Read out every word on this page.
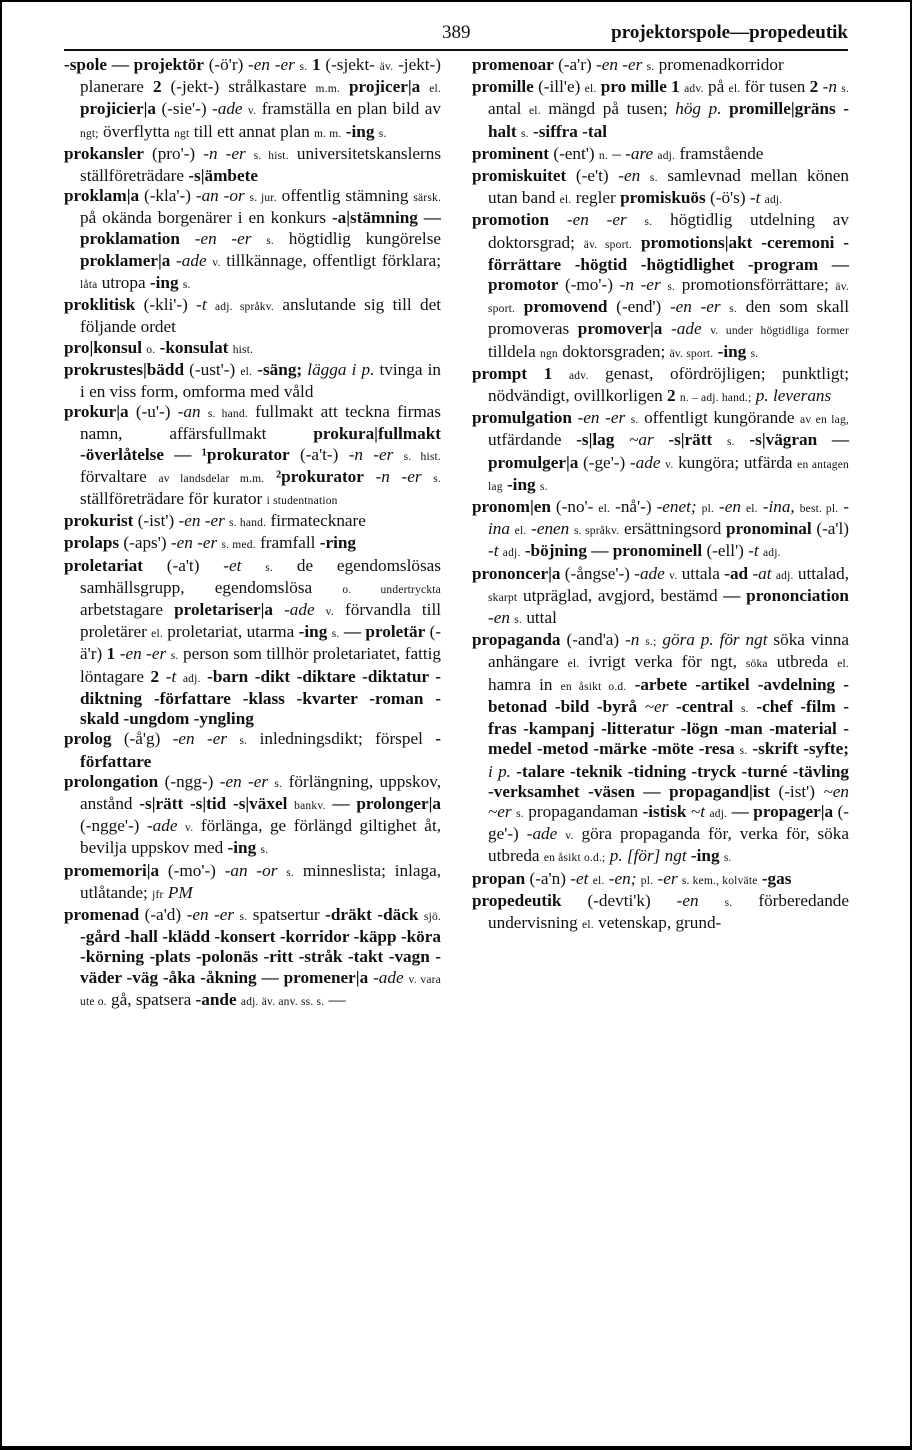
389	projektorspole—propedeutik

-spole — projektör (-ö'r) -en -er s. 1 (-sjekt- äv. -jekt-) planerare 2 (-jekt-) strålkastare m.m. projicer|a el. projicier|a (-sie'-) -ade v. framställa en plan bild av ngt; överflytta ngt till ett annat plan m. m. -ing s.

prokansler (pro'-) -n -er s. hist. universitetskanslerns ställföreträdare -s|ämbete

proklam|a (-kla'-) -an -or s. jur. offentlig stämning särsk. på okända borgenärer i en konkurs -a|stämning — proklamation -en -er s. högtidlig kungörelse proklamer|a -ade v. tillkännage, offentligt förklara; låta utropa -ing s.

proklitisk (-kli'-) -t adj. språkv. anslutande sig till det följande ordet

pro|konsul o. -konsulat hist.

prokrustes|bädd (-ust'-) el. -säng; lägga i p. tvinga in i en viss form, omforma med våld

prokur|a (-u'-) -an s. hand. fullmakt att teckna firmas namn, affärsfullmakt prokura|fullmakt -överlåtelse — ¹prokurator (-a't-) -n -er s. hist. förvaltare av landsdelar m.m. ²prokurator -n -er s. ställföreträdare för kurator i studentnation

prokurist (-ist') -en -er s. hand. firmatecknare

prolaps (-aps') -en -er s. med. framfall -ring

proletariat (-a't) -et s. de egendomslösas samhällsgrupp, egendomslösa o. undertryckta arbetstagare proletariser|a -ade v. förvandla till proletärer el. proletariat, utarma -ing s. — proletär (-ä'r) 1 -en -er s. person som tillhör proletariatet, fattig löntagare 2 -t adj. -barn -dikt -diktare -diktatur -diktning -författare -klass -kvarter -roman -skald -ungdom -yngling

prolog (-å'g) -en -er s. inledningsdikt; förspel -författare

prolongation (-ngg-) -en -er s. förlängning, uppskov, anstånd -s|rätt -s|tid -s|växel bankv. — prolonger|a (-ngge'-) -ade v. förlänga, ge förlängd giltighet åt, bevilja uppskov med -ing s.

promemori|a (-mo'-) -an -or s. minneslista; inlaga, utlåtande; jfr PM

promenad (-a'd) -en -er s. spatsertur -dräkt -däck sjö. -gård -hall -klädd -konsert -korridor -käpp -köra -körning -plats -polonäs -ritt -stråk -takt -vagn -väder -väg -åka -åkning — promener|a -ade v. vara ute o. gå, spatsera -ande adj. äv. anv. ss. s. —

promenoar (-a'r) -en -er s. promenadkorridor

promille (-ill'e) el. pro mille 1 adv. på el. för tusen 2 -n s. antal el. mängd på tusen; hög p. promille|gräns -halt s. -siffra -tal

prominent (-ent') n. – -are adj. framstående

promiskuitet (-e't) -en s. samlevnad mellan könen utan band el. regler promiskuös (-ö's) -t adj.

promotion -en -er s. högtidlig utdelning av doktorsgrad; äv. sport. promotions|akt -ceremoni -förrättare -högtid -högtidlighet -program — promotor (-mo'-) -n -er s. promotionsförrättare; äv. sport. promovend (-end') -en -er s. den som skall promoveras promover|a -ade v. under högtidliga former tilldela ngn doktorsgraden; äv. sport. -ing s.

prompt 1 adv. genast, ofördröjligen; punktligt; nödvändigt, ovillkorligen 2 n. – adj. hand.; p. leverans

promulgation -en -er s. offentligt kungörande av en lag, utfärdande -s|lag ~ar -s|rätt s. -s|vägran — promulger|a (-ge'-) -ade v. kungöra; utfärda en antagen lag -ing s.

pronom|en (-no'- el. -nå'-) -enet; pl. -en el. -ina, best. pl. -ina el. -enen s. språkv. ersättningsord pronominal (-a'l) -t adj. -böjning — pronominell (-ell') -t adj.

prononcer|a (-ångse'-) -ade v. uttala -ad -at adj. uttalad, skarpt utpräglad, avgjord, bestämd — prononciation -en s. uttal

propaganda (-and'a) -n s.; göra p. för ngt söka vinna anhängare el. ivrigt verka för ngt, söka utbreda el. hamra in en åsikt o.d. -arbete -artikel -avdelning -betonad -bild -byrå ~er -central s. -chef -film -fras -kampanj -litteratur -lögn -man -material -medel -metod -märke -möte -resa s. -skrift -syfte; i p. -talare -teknik -tidning -tryck -turné -tävling -verksamhet -väsen — propagand|ist (-ist') ~en ~er s. propagandaman -istisk ~t adj. — propager|a (-ge'-) -ade v. göra propaganda för, verka för, söka utbreda en åsikt o.d.; p. [för] ngt -ing s.

propan (-a'n) -et el. -en; pl. -er s. kem., kolväte -gas

propedeutik (-devti'k) -en s. förberedande undervisning el. vetenskap, grund-
